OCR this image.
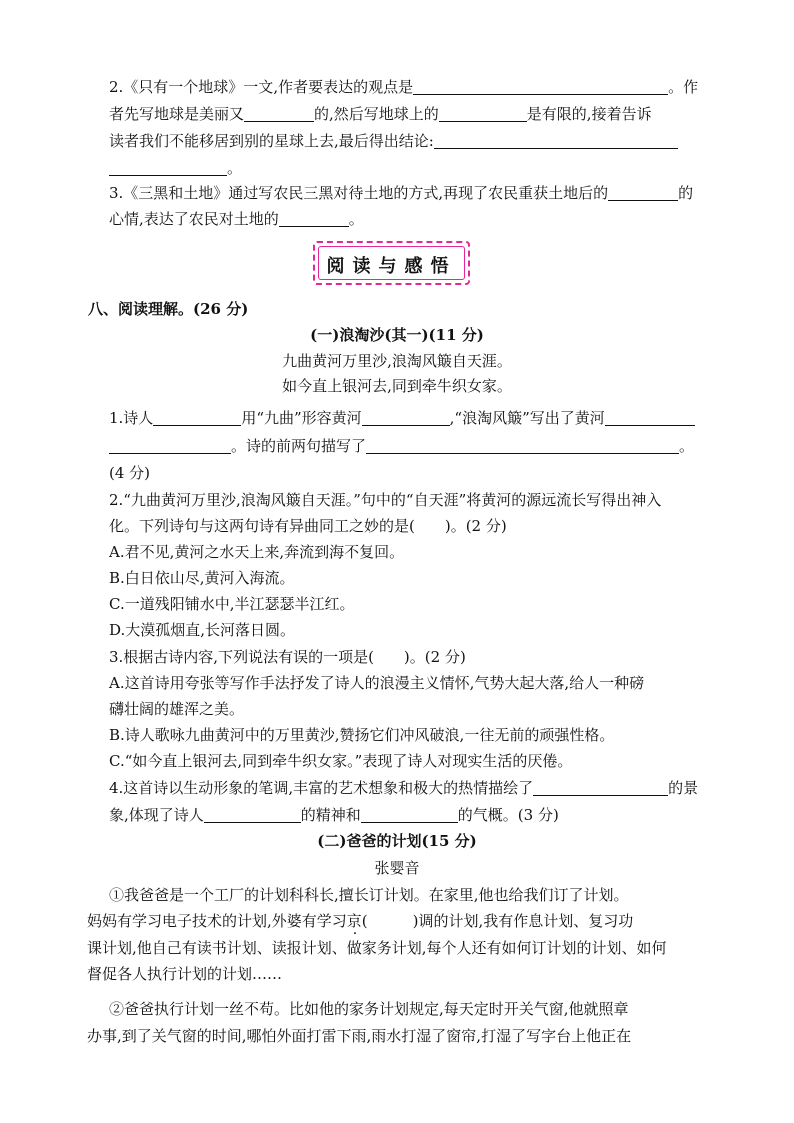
2.《只有一个地球》一文,作者要表达的观点是	。作
者先写地球是美丽又	的,然后写地球上的	是有限的,接着告诉
读者我们不能移居到别的星球上去,最后得出结论:
。
3.《三黑和土地》通过写农民三黑对待土地的方式,再现了农民重获土地后的	的
心情,表达了农民对土地的	。
阅读与感悟
八、阅读理解。(26 分)
(一)浪淘沙(其一)(11 分)
九曲黄河万里沙,浪淘风簸自天涯。
如今直上银河去,同到牵牛织女家。
1.诗人	用“九曲”形容黄河	,“浪淘风簸”写出了黄河
。诗的前两句描写了	。
(4 分)
2.“九曲黄河万里沙,浪淘风簸自天涯。”句中的“自天涯”将黄河的源远流长写得出神入
化。下列诗句与这两句诗有异曲同工之妙的是(　　)。(2 分)
A.君不见,黄河之水天上来,奔流到海不复回。
B.白日依山尽,黄河入海流。
C.一道残阳铺水中,半江瑟瑟半江红。
D.大漠孤烟直,长河落日圆。
3.根据古诗内容,下列说法有误的一项是(　　)。(2 分)
A.这首诗用夸张等写作手法抒发了诗人的浪漫主义情怀,气势大起大落,给人一种磅
礴壮阔的雄浑之美。
B.诗人歌咏九曲黄河中的万里黄沙,赞扬它们冲风破浪,一往无前的顽强性格。
C.“如今直上银河去,同到牵牛织女家。”表现了诗人对现实生活的厌倦。
4.这首诗以生动形象的笔调,丰富的艺术想象和极大的热情描绘了	的景
象,体现了诗人	的精神和	的气概。(3 分)
(二)爸爸的计划(15 分)
张婴音
①我爸爸是一个工厂的计划科科长,擅长订计划。在家里,他也给我们订了计划。
妈妈有学习电子技术的计划,外婆有学习京(　　　)调的计划,我有作息计划、复习功
课计划,他自己有读书计划、读报计划、做家务计划,每个人还有如何订计划的计划、如何
督促各人执行计划的计划……
②爸爸执行计划一丝不苟。比如他的家务计划规定,每天定时开关气窗,他就照章
办事,到了关气窗的时间,哪怕外面打雷下雨,雨水打湿了窗帘,打湿了写字台上他正在
